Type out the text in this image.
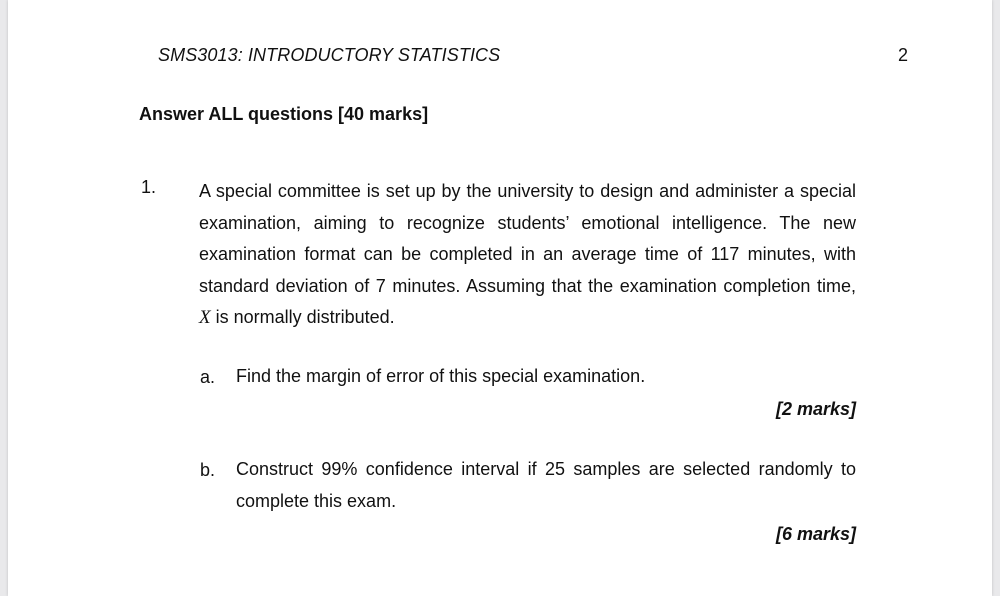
SMS3013: INTRODUCTORY STATISTICS	2
Answer ALL questions [40 marks]
1. A special committee is set up by the university to design and administer a special examination, aiming to recognize students’ emotional intelligence. The new examination format can be completed in an average time of 117 minutes, with standard deviation of 7 minutes. Assuming that the examination completion time, X is normally distributed.
a. Find the margin of error of this special examination.
[2 marks]
b. Construct 99% confidence interval if 25 samples are selected randomly to complete this exam.
[6 marks]
